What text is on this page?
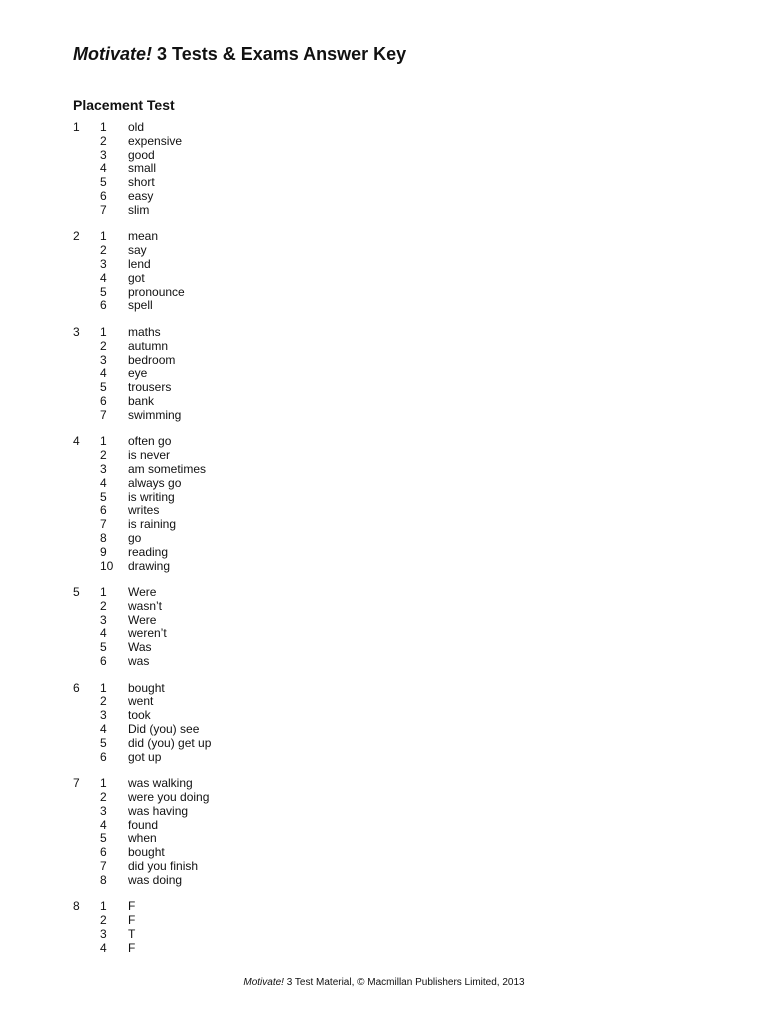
Motivate! 3 Tests & Exams Answer Key
Placement Test
1 1 old
2 expensive
3 good
4 small
5 short
6 easy
7 slim
2 1 mean
2 say
3 lend
4 got
5 pronounce
6 spell
3 1 maths
2 autumn
3 bedroom
4 eye
5 trousers
6 bank
7 swimming
4 1 often go
2 is never
3 am sometimes
4 always go
5 is writing
6 writes
7 is raining
8 go
9 reading
10 drawing
5 1 Were
2 wasn’t
3 Were
4 weren’t
5 Was
6 was
6 1 bought
2 went
3 took
4 Did (you) see
5 did (you) get up
6 got up
7 1 was walking
2 were you doing
3 was having
4 found
5 when
6 bought
7 did you finish
8 was doing
8 1 F
2 F
3 T
4 F
Motivate! 3 Test Material, © Macmillan Publishers Limited, 2013
